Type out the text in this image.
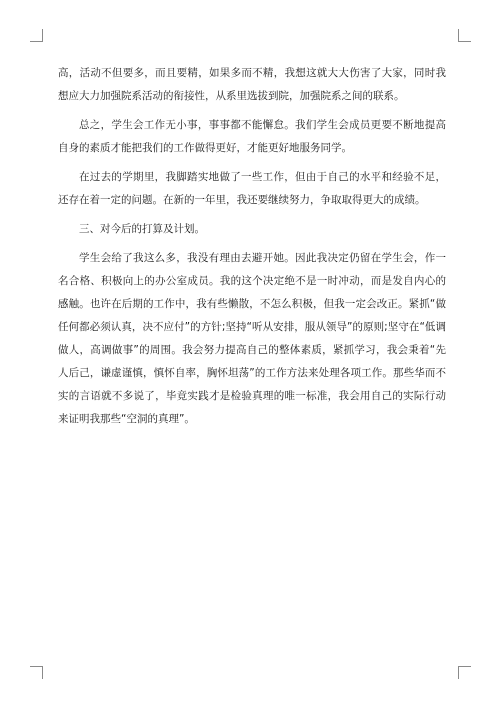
高，活动不但要多，而且要精，如果多而不精，我想这就大大伤害了大家，同时我想应大力加强院系活动的衔接性，从系里选拔到院，加强院系之间的联系。

总之，学生会工作无小事，事事都不能懈怠。我们学生会成员更要不断地提高自身的素质才能把我们的工作做得更好，才能更好地服务同学。

在过去的学期里，我脚踏实地做了一些工作，但由于自己的水平和经验不足，还存在着一定的问题。在新的一年里，我还要继续努力，争取取得更大的成绩。

三、对今后的打算及计划。

学生会给了我这么多，我没有理由去避开她。因此我决定仍留在学生会，作一名合格、积极向上的办公室成员。我的这个决定绝不是一时冲动，而是发自内心的感触。也许在后期的工作中，我有些懒散，不怎么积极，但我一定会改正。紧抓“做任何都必须认真，决不应付”的方针;坚持“听从安排，服从领导”的原则;坚守在“低调做人，高调做事”的周围。我会努力提高自己的整体素质，紧抓学习，我会秉着“先人后己，谦虚谨慎，慎怀自率，胸怀坦荡”的工作方法来处理各项工作。那些华而不实的言语就不多说了，毕竟实践才是检验真理的唯一标准，我会用自己的实际行动来证明我那些“空洞的真理”。
